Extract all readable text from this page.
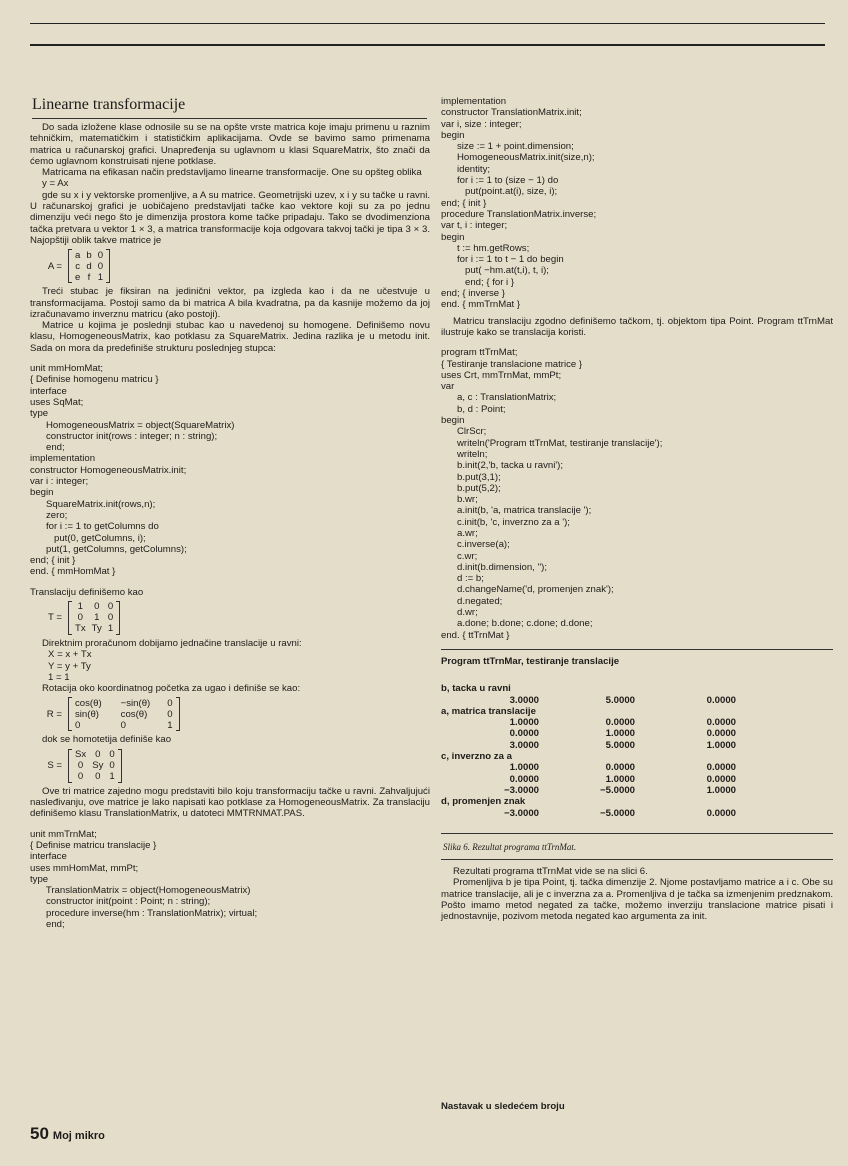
Linearne transformacije

Do sada izložene klase odnosile su se na opšte vrste matrica koje imaju primenu u raznim tehničkim, matematičkim i statističkim aplikacijama. Ovde se bavimo samo primenama matrica u računarskoj grafici. Unapređenja su uglavnom u klasi SquareMatrix, što znači da ćemo uglavnom konstruisati njene potklase.

Matricama na efikasan način predstavljamo linearne transformacije. One su opšteg oblika

y = Ax

gde su x i y vektorske promenljive, a A su matrice. Geometrijski uzev, x i y su tačke u ravni. U računarskoj grafici je uobičajeno predstavljati tačke kao vektore koji su za po jednu dimenziju veći nego što je dimenzija prostora kome tačke pripadaju. Tako se dvodimenziona tačka pretvara u vektor 1 × 3, a matrica transformacije koja odgovara takvoj tački je tipa 3 × 3. Najopštiji oblik takve matrice je

A =
	a	b	0	
	c	d	0	
	e	f	1	

Treći stubac je fiksiran na jedinični vektor, pa izgleda kao i da ne učestvuje u transformacijama. Postoji samo da bi matrica A bila kvadratna, pa da kasnije možemo da joj izračunavamo inverznu matricu (ako postoji).

Matrice u kojima je poslednji stubac kao u navedenoj su homogene. Definišemo novu klasu, HomogeneousMatrix, kao potklasu za SquareMatrix. Jedina razlika je u metodu init. Sada on mora da predefiniše strukturu poslednjeg stupca:

unit mmHomMat;
{ Definise homogenu matricu }
interface
uses SqMat;
type
HomogeneousMatrix = object(SquareMatrix)
constructor init(rows : integer; n : string);
end;
implementation
constructor HomogeneousMatrix.init;
var i : integer;
begin
SquareMatrix.init(rows,n);
zero;
for i := 1 to getColumns do
put(0, getColumns, i);
put(1, getColumns, getColumns);
end; { init }
end. { mmHomMat }
Translaciju definišemo kao
T =
	1	0	0	
	0	1	0	
	Tx	Ty	1	

Direktnim proračunom dobijamo jednačine translacije u ravni:

X = x + Tx
Y = y + Ty
1 = 1

Rotacija oko koordinatnog početka za ugao i definiše se kao:

R =
	cos(θ)	−sin(θ)	0	
	sin(θ)	cos(θ)	0	
	0	0	1	

dok se homotetija definiše kao

S =
	Sx	0	0	
	0	Sy	0	
	0	0	1	

Ove tri matrice zajedno mogu predstaviti bilo koju transformaciju tačke u ravni. Zahvaljujući nasleđivanju, ove matrice je lako napisati kao potklase za HomogeneousMatrix. Za translaciju definišemo klasu TranslationMatrix, u datoteci MMTRNMAT.PAS.

unit mmTrnMat;
{ Definise matricu translacije }
interface
uses mmHomMat, mmPt;
type
TranslationMatrix = object(HomogeneousMatrix)
constructor init(point : Point; n : string);
procedure inverse(hm : TranslationMatrix); virtual;
end;
implementation
constructor TranslationMatrix.init;
var i, size : integer;
begin
size := 1 + point.dimension;
HomogeneousMatrix.init(size,n);
identity;
for i := 1 to (size − 1) do
put(point.at(i), size, i);
end; { init }
procedure TranslationMatrix.inverse;
var t, i : integer;
begin
t := hm.getRows;
for i := 1 to t − 1 do begin
put( −hm.at(t,i), t, i);
end; { for i }
end; { inverse }
end. { mmTrnMat }

Matricu translaciju zgodno definišemo tačkom, tj. objektom tipa Point. Program ttTrnMat ilustruje kako se translacija koristi.

program ttTrnMat;
{ Testiranje translacione matrice }
uses Crt, mmTrnMat, mmPt;
var
a, c : TranslationMatrix;
b, d : Point;
begin
ClrScr;
writeln('Program ttTrnMat, testiranje translacije');
writeln;
b.init(2,'b, tacka u ravni');
b.put(3,1);
b.put(5,2);
b.wr;
a.init(b, 'a, matrica translacije ');
c.init(b, 'c, inverzno za a ');
a.wr;
c.inverse(a);
c.wr;
d.init(b.dimension, '');
d := b;
d.changeName('d, promenjen znak');
d.negated;
d.wr;
a.done; b.done; c.done; d.done;
end. { ttTrnMat }
Program ttTrnMar, testiranje translacije
b, tacka u ravni
3.0000	5.0000	0.0000
a, matrica translacije
1.0000	0.0000	0.0000
0.0000	1.0000	0.0000
3.0000	5.0000	1.0000
c, inverzno za a
1.0000	0.0000	0.0000
0.0000	1.0000	0.0000
−3.0000	−5.0000	1.0000
d, promenjen znak
−3.0000	−5.0000	0.0000
Slika 6. Rezultat programa ttTrnMat.

Rezultati programa ttTrnMat vide se na slici 6.

Promenljiva b je tipa Point, tj. tačka dimenzije 2. Njome postavljamo matrice a i c. Obe su matrice translacije, ali je c inverzna za a. Promenljiva d je tačka sa izmenjenim predznakom. Pošto imamo metod negated za tačke, možemo inverziju translacione matrice pisati i jednostavnije, pozivom metoda negated kao argumenta za init.

Nastavak u sledećem broju
50 Moj mikro
